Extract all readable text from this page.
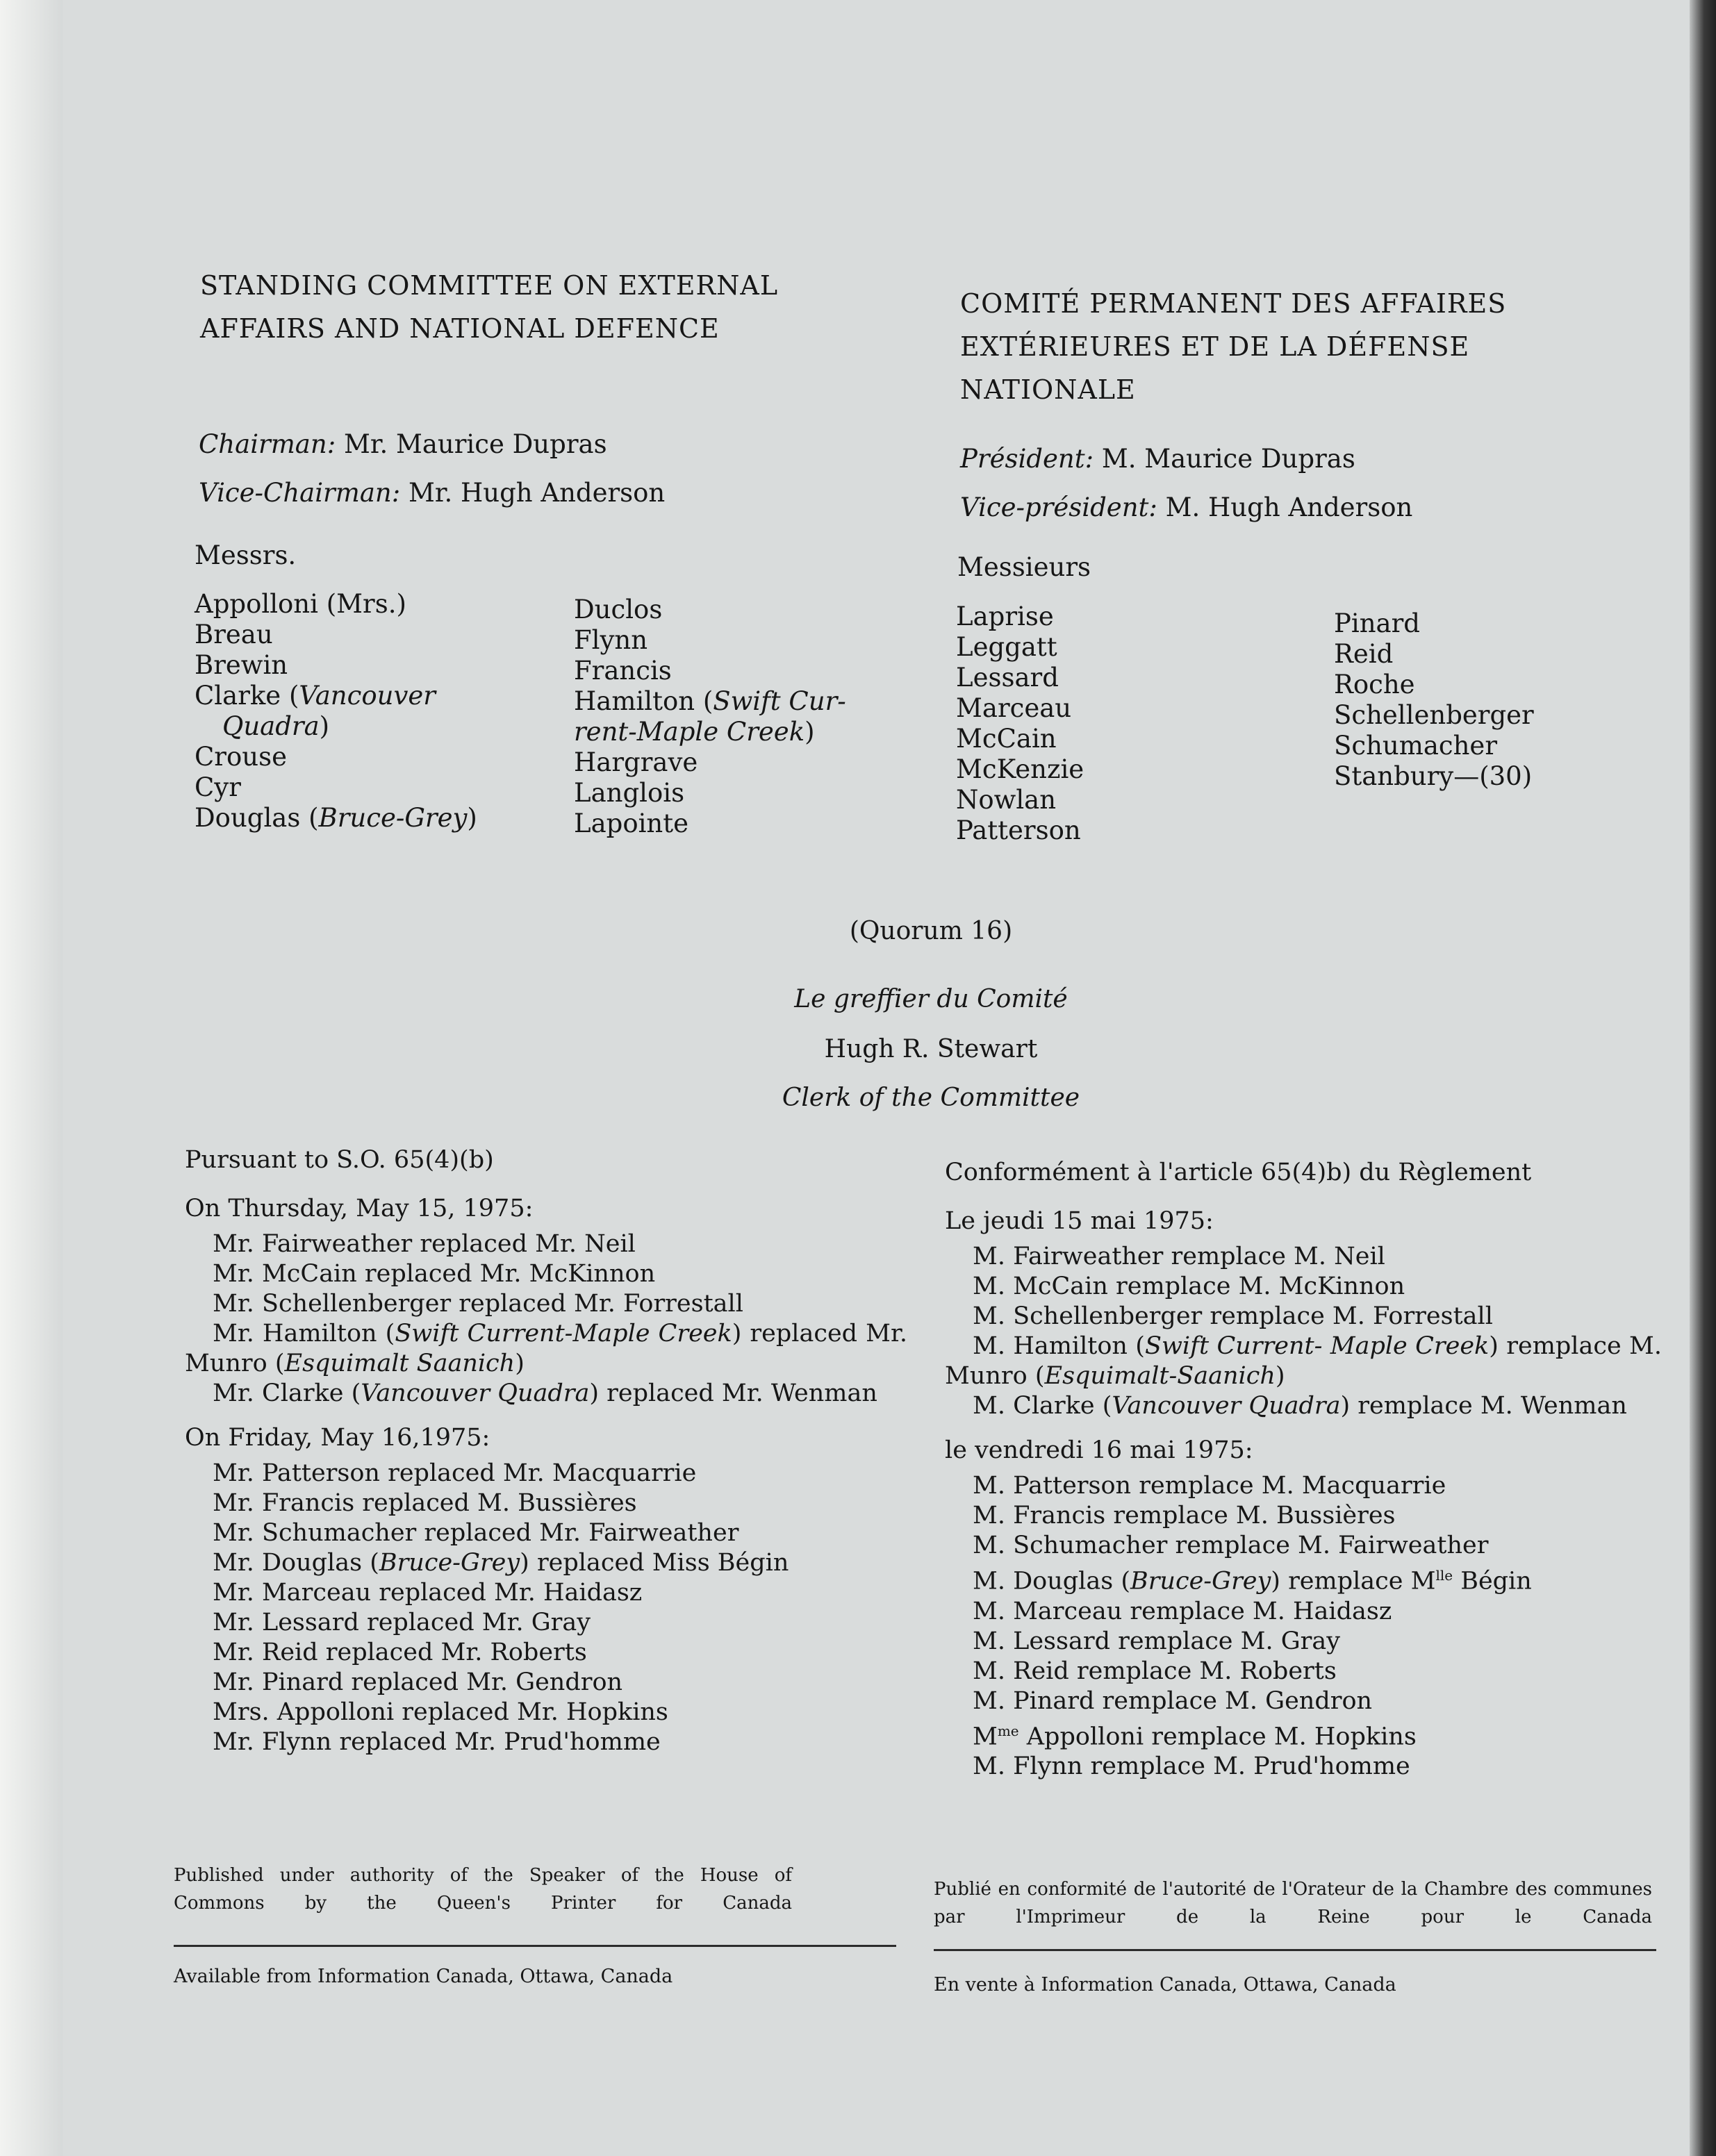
STANDING COMMITTEE ON EXTERNAL
AFFAIRS AND NATIONAL DEFENCE
Chairman: Mr. Maurice Dupras
Vice-Chairman: Mr. Hugh Anderson
Messrs.
Appolloni (Mrs.)
Breau
Brewin
Clarke (Vancouver
Quadra)
Crouse
Cyr
Douglas (Bruce-Grey)
Duclos
Flynn
Francis
Hamilton (Swift Cur-
rent-Maple Creek)
Hargrave
Langlois
Lapointe
COMITÉ PERMANENT DES AFFAIRES
EXTÉRIEURES ET DE LA DÉFENSE
NATIONALE
Président: M. Maurice Dupras
Vice-président: M. Hugh Anderson
Messieurs
Laprise
Leggatt
Lessard
Marceau
McCain
McKenzie
Nowlan
Patterson
Pinard
Reid
Roche
Schellenberger
Schumacher
Stanbury—(30)
(Quorum 16)
Le greffier du Comité
Hugh R. Stewart
Clerk of the Committee
Pursuant to S.O. 65(4)(b)
On Thursday, May 15, 1975:
Mr. Fairweather replaced Mr. Neil
Mr. McCain replaced Mr. McKinnon
Mr. Schellenberger replaced Mr. Forrestall
Mr. Hamilton (Swift Current-Maple Creek) replaced Mr. Munro (Esquimalt Saanich)
Mr. Clarke (Vancouver Quadra) replaced Mr. Wenman
On Friday, May 16,1975:
Mr. Patterson replaced Mr. Macquarrie
Mr. Francis replaced M. Bussières
Mr. Schumacher replaced Mr. Fairweather
Mr. Douglas (Bruce-Grey) replaced Miss Bégin
Mr. Marceau replaced Mr. Haidasz
Mr. Lessard replaced Mr. Gray
Mr. Reid replaced Mr. Roberts
Mr. Pinard replaced Mr. Gendron
Mrs. Appolloni replaced Mr. Hopkins
Mr. Flynn replaced Mr. Prud'homme
Conformément à l'article 65(4)b) du Règlement
Le jeudi 15 mai 1975:
M. Fairweather remplace M. Neil
M. McCain remplace M. McKinnon
M. Schellenberger remplace M. Forrestall
M. Hamilton (Swift Current- Maple Creek) remplace M. Munro (Esquimalt-Saanich)
M. Clarke (Vancouver Quadra) remplace M. Wenman
le vendredi 16 mai 1975:
M. Patterson remplace M. Macquarrie
M. Francis remplace M. Bussières
M. Schumacher remplace M. Fairweather
M. Douglas (Bruce-Grey) remplace $M^{lle}$ Bégin
M. Marceau remplace M. Haidasz
M. Lessard remplace M. Gray
M. Reid remplace M. Roberts
M. Pinard remplace M. Gendron
$M^{me}$ Appolloni remplace M. Hopkins
M. Flynn remplace M. Prud'homme
Published under authority of the Speaker of the House of Commons by the Queen's Printer for Canada
Publié en conformité de l'autorité de l'Orateur de la Chambre des communes par l'Imprimeur de la Reine pour le Canada
Available from Information Canada, Ottawa, Canada	En vente à Information Canada, Ottawa, Canada
